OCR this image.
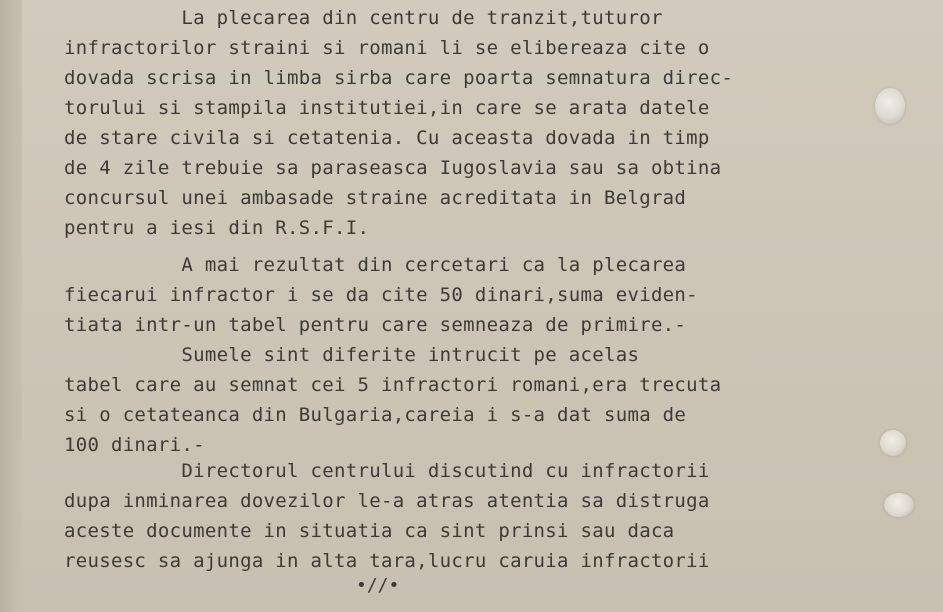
La plecarea din centru de tranzit,tuturor
infractorilor straini si romani li se elibereaza cite o
dovada scrisa in limba sirba care poarta semnatura direc-
torului si stampila institutiei,in care se arata datele
de stare civila si cetatenia. Cu aceasta dovada in timp
de 4 zile trebuie sa paraseasca Iugoslavia sau sa obtina
concursul unei ambasade straine acreditata in Belgrad
pentru a iesi din R.S.F.I.
A mai rezultat din cercetari ca la plecarea
fiecarui infractor i se da cite 50 dinari,suma eviden-
tiata intr-un tabel pentru care semneaza de primire.-
Sumele sint diferite intrucit pe acelas
tabel care au semnat cei 5 infractori romani,era trecuta
si o cetateanca din Bulgaria,careia i s-a dat suma de
100 dinari.-
Directorul centrului discutind cu infractorii
dupa inminarea dovezilor le-a atras atentia sa distruga
aceste documente in situatia ca sint prinsi sau daca
reusesc sa ajunga in alta tara,lucru caruia infractorii
•//•
